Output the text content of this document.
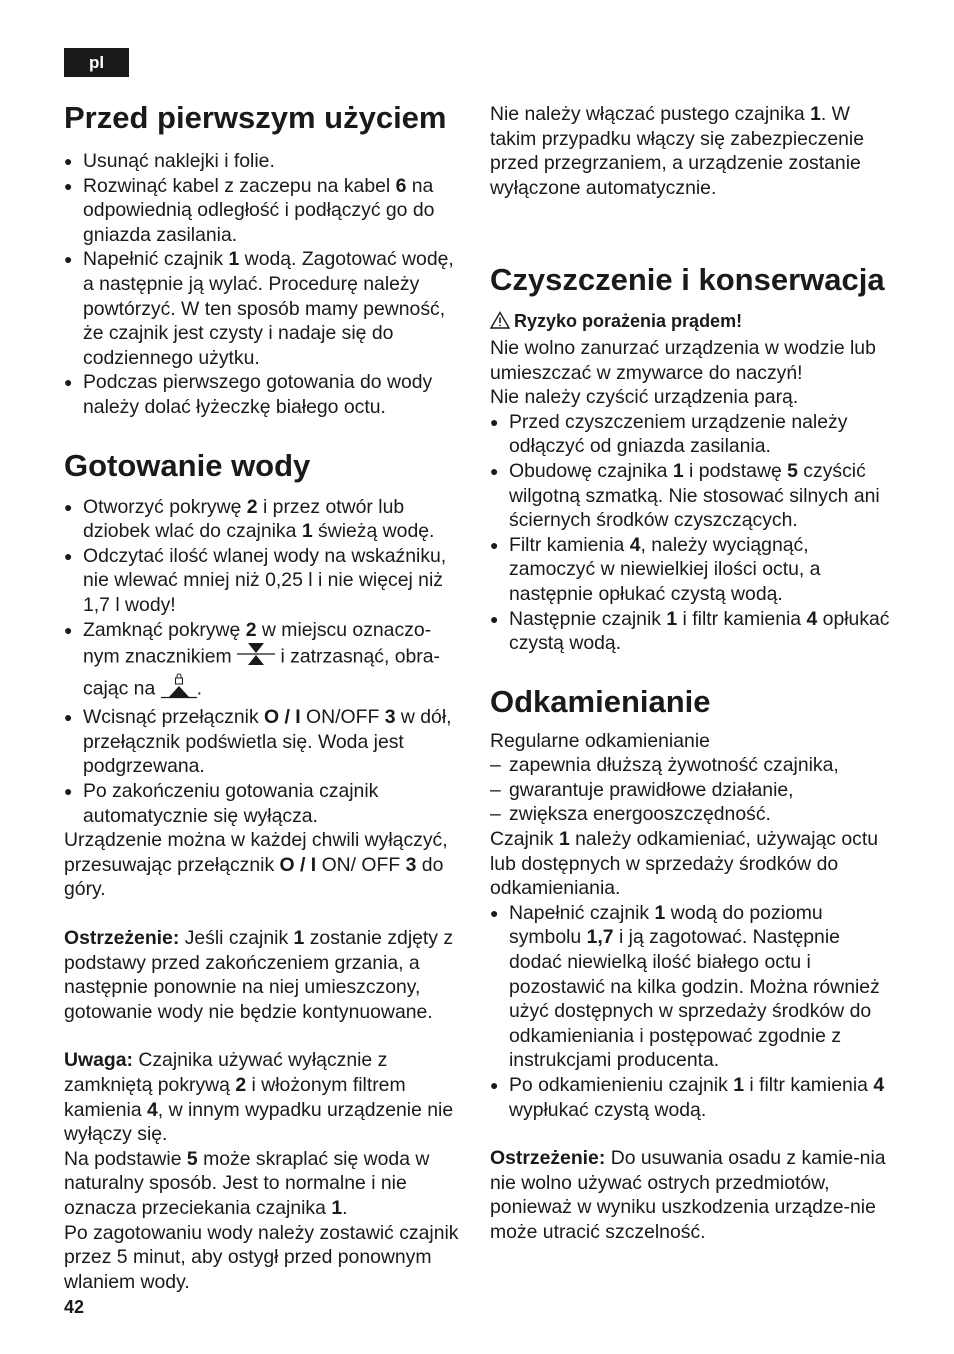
pl
Przed pierwszym użyciem
● Usunąć naklejki i folie.
● Rozwinąć kabel z zaczepu na kabel 6 na odpowiednią odległość i podłączyć go do gniazda zasilania.
● Napełnić czajnik 1 wodą. Zagotować wodę, a następnie ją wylać. Procedurę należy powtórzyć. W ten sposób mamy pewność, że czajnik jest czysty i nadaje się do codziennego użytku.
● Podczas pierwszego gotowania do wody należy dolać łyżeczkę białego octu.
Gotowanie wody
● Otworzyć pokrywę 2 i przez otwór lub dziobek wlać do czajnika 1 świeżą wodę.
● Odczytać ilość wlanej wody na wskaźniku, nie wlewać mniej niż 0,25 l i nie więcej niż 1,7 l wody!
● Zamknąć pokrywę 2 w miejscu oznaczo-nym znacznikiem  i zatrzasnąć, obra-cając na .
● Wcisnąć przełącznik O / I ON/OFF 3 w dół, przełącznik podświetla się. Woda jest podgrzewana.
● Po zakończeniu gotowania czajnik automatycznie się wyłącza.

Urządzenie można w każdej chwili wyłączyć, przesuwając przełącznik O / I ON/ OFF 3 do góry.

Ostrzeżenie: Jeśli czajnik 1 zostanie zdjęty z podstawy przed zakończeniem grzania, a następnie ponownie na niej umieszczony, gotowanie wody nie będzie kontynuowane.

Uwaga: Czajnika używać wyłącznie z zamkniętą pokrywą 2 i włożonym filtrem kamienia 4, w innym wypadku urządzenie nie wyłączy się.

Na podstawie 5 może skraplać się woda w naturalny sposób. Jest to normalne i nie oznacza przeciekania czajnika 1.

Po zagotowaniu wody należy zostawić czajnik przez 5 minut, aby ostygł przed ponownym wlaniem wody.

Nie należy włączać pustego czajnika 1. W takim przypadku włączy się zabezpieczenie przed przegrzaniem, a urządzenie zostanie wyłączone automatycznie.

Czyszczenie i konserwacja

Ryzyko porażenia prądem!

Nie wolno zanurzać urządzenia w wodzie lub umieszczać w zmywarce do naczyń!

Nie należy czyścić urządzenia parą.

● Przed czyszczeniem urządzenie należy odłączyć od gniazda zasilania.
● Obudowę czajnika 1 i podstawę 5 czyścić wilgotną szmatką. Nie stosować silnych ani ściernych środków czyszczących.
● Filtr kamienia 4, należy wyciągnąć, zamoczyć w niewielkiej ilości octu, a następnie opłukać czystą wodą.
● Następnie czajnik 1 i filtr kamienia 4 opłukać czystą wodą.
Odkamienianie

Regularne odkamienianie

– zapewnia dłuższą żywotność czajnika,
– gwarantuje prawidłowe działanie,
– zwiększa energooszczędność.

Czajnik 1 należy odkamieniać, używając octu lub dostępnych w sprzedaży środków do odkamieniania.

● Napełnić czajnik 1 wodą do poziomu symbolu 1,7 i ją zagotować. Następnie dodać niewielką ilość białego octu i pozostawić na kilka godzin. Można również użyć dostępnych w sprzedaży środków do odkamieniania i postępować zgodnie z instrukcjami producenta.
● Po odkamienieniu czajnik 1 i filtr kamienia 4 wypłukać czystą wodą.

Ostrzeżenie: Do usuwania osadu z kamie-nia nie wolno używać ostrych przedmiotów, ponieważ w wyniku uszkodzenia urządze-nie może utracić szczelność.

42
